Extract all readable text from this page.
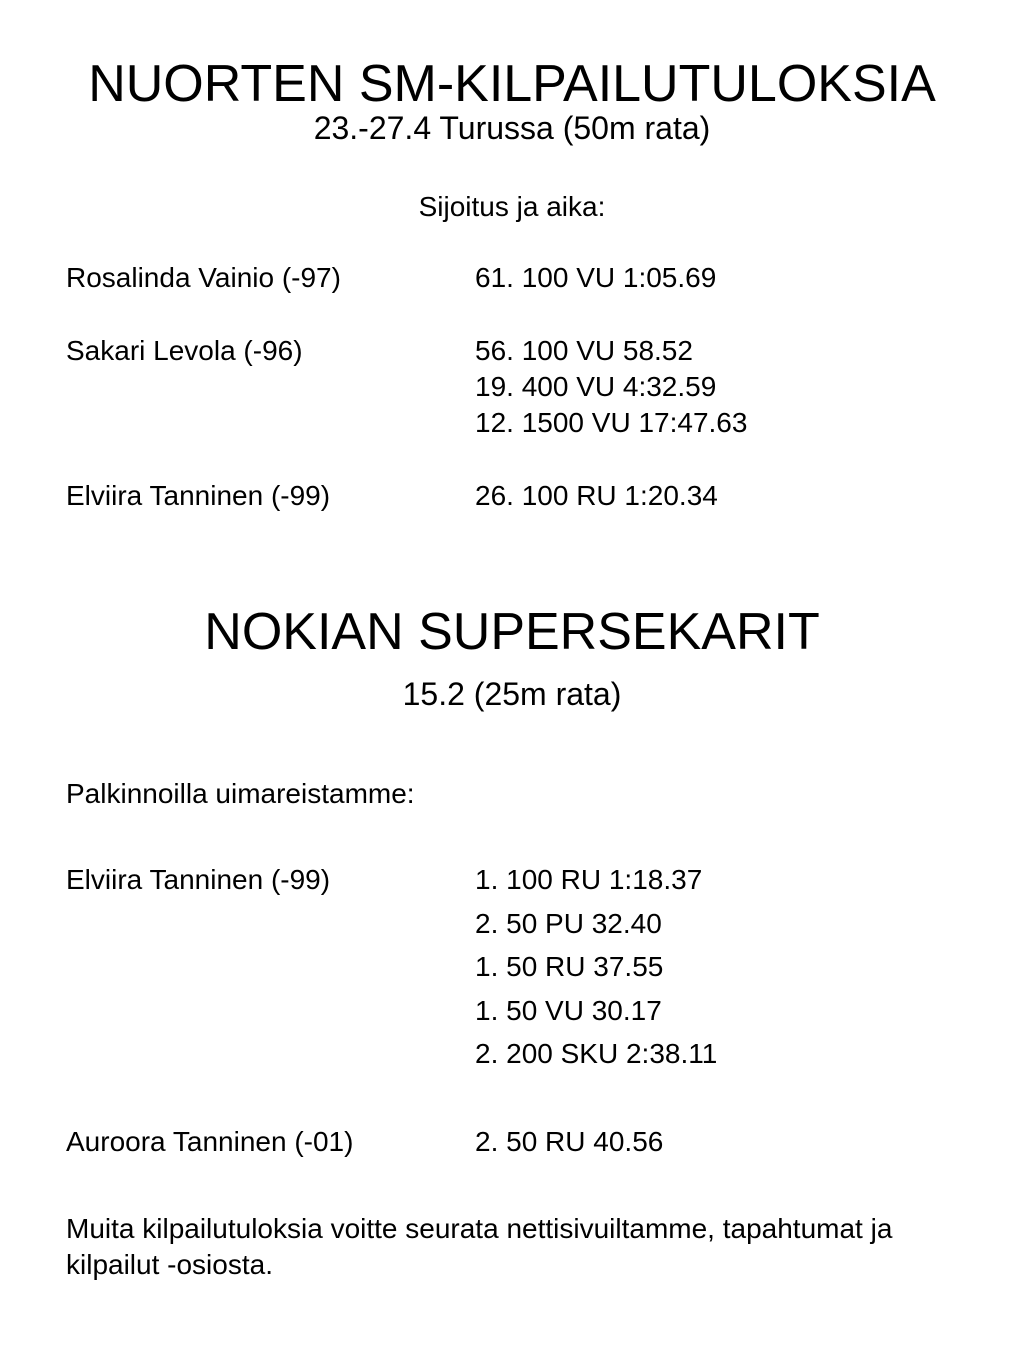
NUORTEN SM-KILPAILUTULOKSIA
23.-27.4 Turussa (50m rata)
Sijoitus ja aika:
Rosalinda Vainio (-97)	61. 100 VU 1:05.69
Sakari Levola (-96)	56. 100 VU 58.52
19. 400 VU 4:32.59
12. 1500 VU 17:47.63
Elviira Tanninen (-99)	26. 100 RU 1:20.34
NOKIAN SUPERSEKARIT
15.2 (25m rata)
Palkinnoilla uimareistamme:
Elviira Tanninen (-99)	1. 100 RU 1:18.37
2. 50 PU 32.40
1. 50 RU 37.55
1. 50 VU 30.17
2. 200 SKU 2:38.11
Auroora Tanninen (-01)	2. 50 RU 40.56

Muita kilpailutuloksia voitte seurata nettisivuiltamme, tapahtumat ja kilpailut -osiosta.
